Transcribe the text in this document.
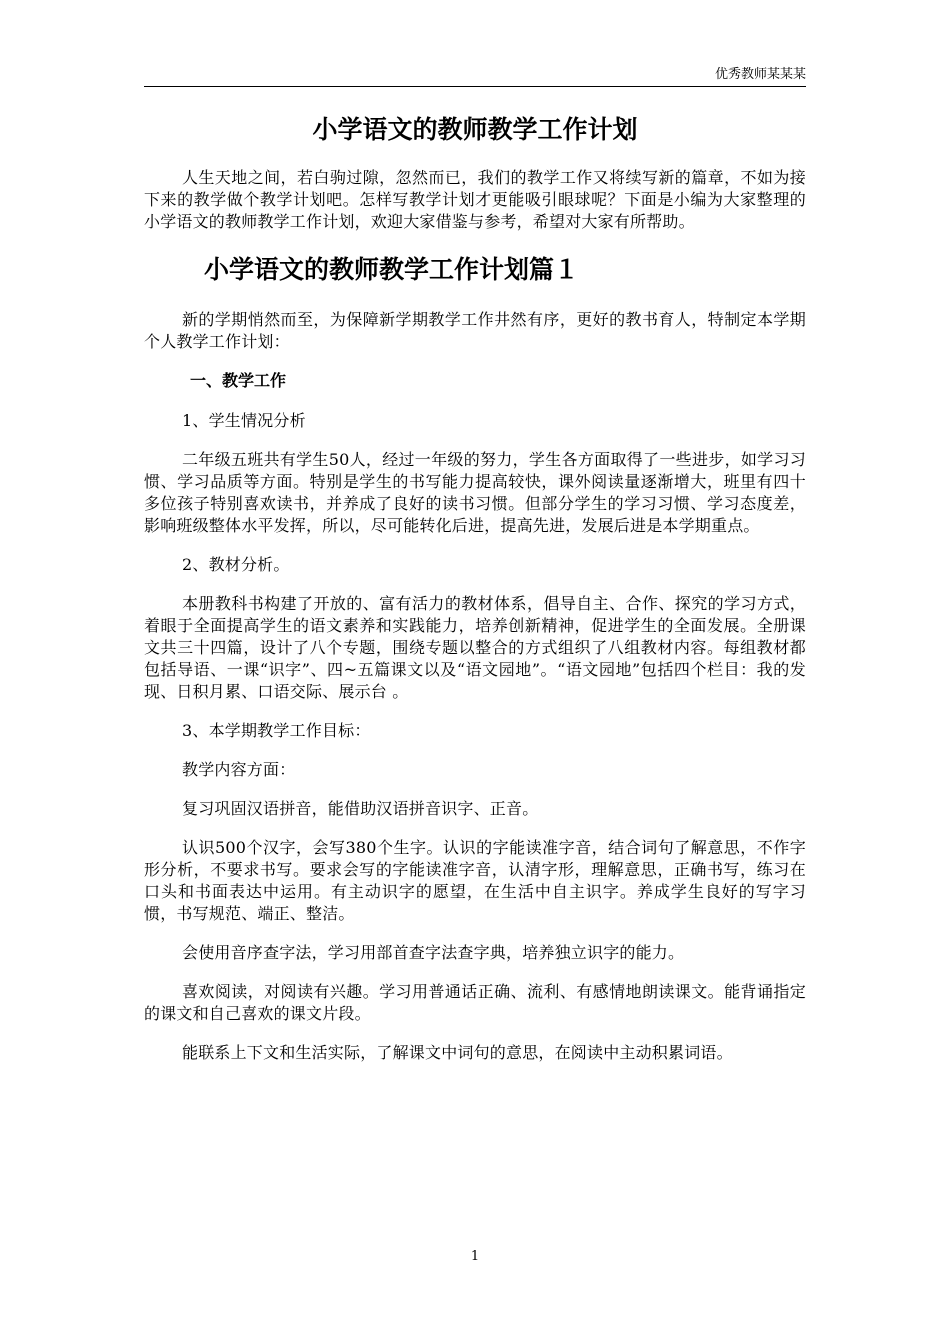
优秀教师某某某
小学语文的教师教学工作计划

人生天地之间，若白驹过隙，忽然而已，我们的教学工作又将续写新的篇章，不如为接下来的教学做个教学计划吧。怎样写教学计划才更能吸引眼球呢？下面是小编为大家整理的小学语文的教师教学工作计划，欢迎大家借鉴与参考，希望对大家有所帮助。

小学语文的教师教学工作计划篇１

新的学期悄然而至，为保障新学期教学工作井然有序，更好的教书育人，特制定本学期个人教学工作计划：

一、教学工作

1、学生情况分析

二年级五班共有学生50人，经过一年级的努力，学生各方面取得了一些进步，如学习习惯、学习品质等方面。特别是学生的书写能力提高较快，课外阅读量逐渐增大，班里有四十多位孩子特别喜欢读书，并养成了良好的读书习惯。但部分学生的学习习惯、学习态度差，影响班级整体水平发挥，所以，尽可能转化后进，提高先进，发展后进是本学期重点。

2、教材分析。

本册教科书构建了开放的、富有活力的教材体系，倡导自主、合作、探究的学习方式，着眼于全面提高学生的语文素养和实践能力，培养创新精神，促进学生的全面发展。全册课文共三十四篇，设计了八个专题，围绕专题以整合的方式组织了八组教材内容。每组教材都包括导语、一课“识字”、四~五篇课文以及“语文园地”。“语文园地”包括四个栏目：我的发现、日积月累、口语交际、展示台 。

3、本学期教学工作目标：

教学内容方面：

复习巩固汉语拼音，能借助汉语拼音识字、正音。

认识500个汉字，会写380个生字。认识的字能读准字音，结合词句了解意思，不作字形分析，不要求书写。要求会写的字能读准字音，认清字形，理解意思，正确书写，练习在口头和书面表达中运用。有主动识字的愿望，在生活中自主识字。养成学生良好的写字习惯，书写规范、端正、整洁。

会使用音序查字法，学习用部首查字法查字典，培养独立识字的能力。

喜欢阅读，对阅读有兴趣。学习用普通话正确、流利、有感情地朗读课文。能背诵指定的课文和自己喜欢的课文片段。

能联系上下文和生活实际，了解课文中词句的意思，在阅读中主动积累词语。

1
